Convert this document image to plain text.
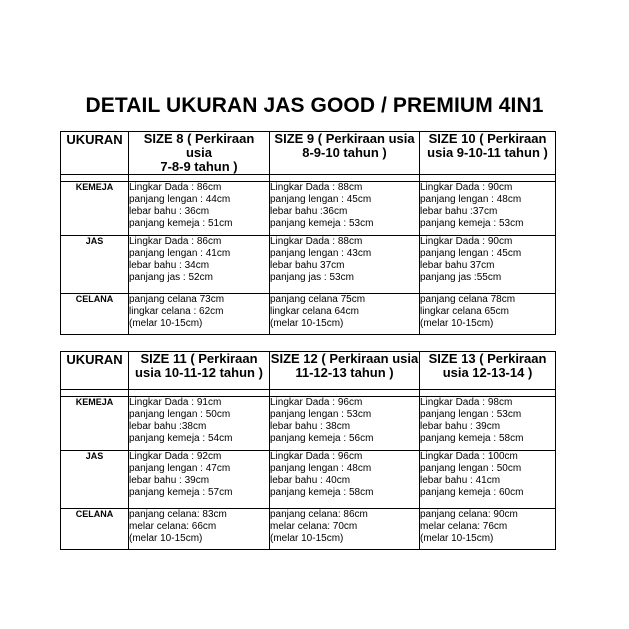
DETAIL UKURAN JAS GOOD / PREMIUM 4IN1
UKURAN	SIZE 8 ( Perkiraan usia
7-8-9 tahun )	SIZE 9 ( Perkiraan usia
8-9-10 tahun )	SIZE 10 ( Perkiraan
usia 9-10-11 tahun )

KEMEJA	Lingkar Dada : 86cm
panjang lengan : 44cm
lebar bahu : 36cm
panjang kemeja : 51cm	Lingkar Dada : 88cm
panjang lengan : 45cm
lebar bahu :36cm
panjang kemeja : 53cm	Lingkar Dada : 90cm
panjang lengan : 48cm
lebar bahu :37cm
panjang kemeja : 53cm
JAS	Lingkar Dada : 86cm
panjang lengan : 41cm
lebar bahu : 34cm
panjang jas : 52cm	Lingkar Dada : 88cm
panjang lengan : 43cm
lebar bahu 37cm
panjang jas : 53cm	Lingkar Dada : 90cm
panjang lengan : 45cm
lebar bahu 37cm
panjang jas :55cm
CELANA	panjang celana 73cm
lingkar celana : 62cm
(melar 10-15cm)	panjang celana 75cm
lingkar celana 64cm
(melar 10-15cm)	panjang celana 78cm
lingkar celana 65cm
(melar 10-15cm)
UKURAN	SIZE 11 ( Perkiraan
usia 10-11-12 tahun )	SIZE 12 ( Perkiraan usia
11-12-13 tahun )	SIZE 13 ( Perkiraan
usia 12-13-14 )

KEMEJA	Lingkar Dada : 91cm
panjang lengan : 50cm
lebar bahu :38cm
panjang kemeja : 54cm	Lingkar Dada : 96cm
panjang lengan : 53cm
lebar bahu : 38cm
panjang kemeja : 56cm	Lingkar Dada : 98cm
panjang lengan : 53cm
lebar bahu : 39cm
panjang kemeja : 58cm
JAS	Lingkar Dada : 92cm
panjang lengan : 47cm
lebar bahu : 39cm
panjang kemeja : 57cm	Lingkar Dada : 96cm
panjang lengan : 48cm
lebar bahu : 40cm
panjang kemeja : 58cm	Lingkar Dada : 100cm
panjang lengan : 50cm
lebar bahu : 41cm
panjang kemeja : 60cm
CELANA	panjang celana: 83cm
melar celana: 66cm
(melar 10-15cm)	panjang celana: 86cm
melar celana: 70cm
(melar 10-15cm)	panjang celana: 90cm
melar celana: 76cm
(melar 10-15cm)
